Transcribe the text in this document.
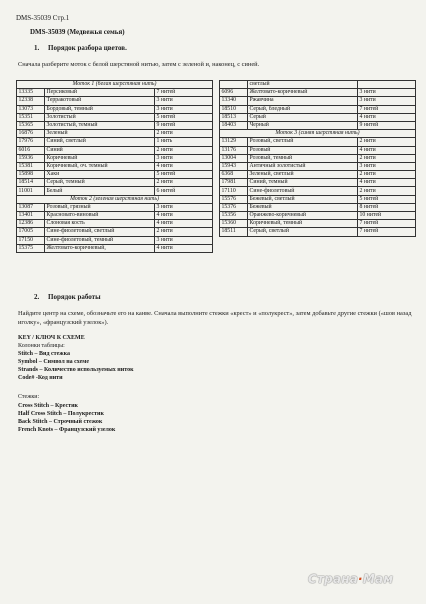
DMS-35039 Стр.1
DMS-35039 (Медвежья семья)
1. Порядок разбора цветов.
Сначала разберите моток с белой шерстяной нитью, затем с зеленой и, наконец, с синей.
Моток 1 (белая шерстяная нить)		
13335	Персиковый	7 нитей
12338	Терракотовый	3 нити
13073	Бордовый, темный	3 нити
15351	Золотистый	5 нитей
15365	Золотистый, темный	9 нитей
16876	Зеленый	2 нити
17976	Синий, светлый	1 нить
6016	Синий	2 нити
15936	Коричневый	3 нити
15381	Коричневый, оч. темный	4 нити
15898	Хаки	5 нитей
18514	Серый, темный	2 нити
11001	Белый	6 нитей
Моток 2 (зеленая шерстяная нить)		
13087	Розовый, грязный	3 нити
13401	Красновато-виновый	4 нити
12386	Слоновая кость	4 нити
17005	Сине-фиолетовый, светлый	2 нити
17150	Сине-фиолетовый, темный	3 нити
15375	Желтовато-коричневый,	4 нити
	светлый	
6096	Желтовато-коричневый	3 нити
13340	Ржавчина	3 нити
18510	Серый, бледный	7 нитей
18513	Серый	4 нити
18403	Черный	9 нитей
Моток 3 (синяя шерстяная нить)		
13129	Розовый, светлый	2 нити
13176	Розовый	4 нити
13004	Розовый, темный	2 нити
15943	Античный золотистый	3 нити
6368	Зеленый, светлый	2 нити
17981	Синий, темный	4 нити
17110	Сине-фиолетовый	2 нити
15576	Бежевый, светлый	5 нитей
15376	Бежевый	8 нитей
15356	Оранжево-коричневый	10 нитей
15360	Коричневый, темный	7 нитей
18511	Серый, светлый	7 нитей
2. Порядок работы
Найдите центр на схеме, обозначьте его на канве. Сначала выполните стежки «крест» и «полукрест», затем добавьте другие стежки («шов назад иголку», «французский узелок»).
KEY / КЛЮЧ К СХЕМЕ
Колонки таблицы:
Stitch – Вид стежка
Symbol – Символ на схеме
Strands – Количество используемых ниток
Code# -Код нити
Стежки:
Cross Stitch – Крестик
Half Cross Stitch – Полукрестик
Back Stitch – Строчный стежок
French Knots – Французский узелок
Страна·Мам
